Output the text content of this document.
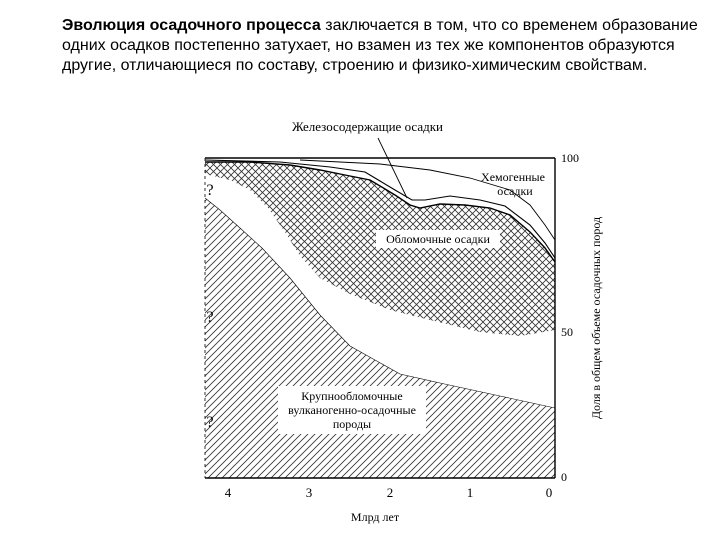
Эволюция осадочного процесса заключается в том, что со временем образование одних осадков постепенно затухает, но взамен из тех же компонентов образуются другие, отличающиеся по составу, строению и физико-химическим свойствам.

Железосодержащие осадки
Хемогенные
осадки
Обломочные осадки
Крупнообломочные
вулканогенно-осадочные
породы
?
?
?
100
50
0
Доля в общем объеме осадочных пород
4	3	2	1	0
Млрд лет
